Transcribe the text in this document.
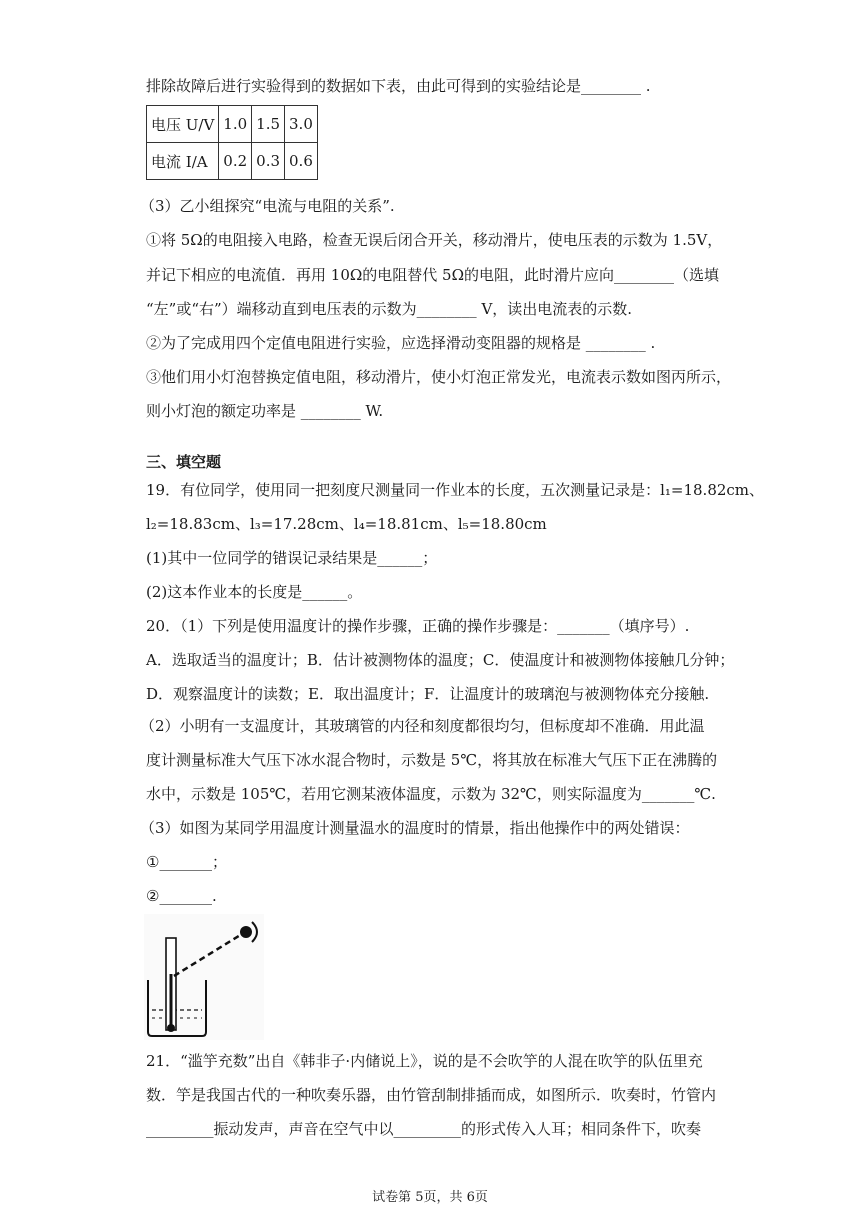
排除故障后进行实验得到的数据如下表，由此可得到的实验结论是________ .
电压 U/V	1.0	1.5	3.0
电流 I/A	0.2	0.3	0.6
（3）乙小组探究“电流与电阻的关系”.
①将 5Ω的电阻接入电路，检查无误后闭合开关，移动滑片，使电压表的示数为 1.5V，
并记下相应的电流值．再用 10Ω的电阻替代 5Ω的电阻，此时滑片应向________（选填
“左”或“右”）端移动直到电压表的示数为________ V，读出电流表的示数.
②为了完成用四个定值电阻进行实验，应选择滑动变阻器的规格是 ________ .
③他们用小灯泡替换定值电阻，移动滑片，使小灯泡正常发光，电流表示数如图丙所示，
则小灯泡的额定功率是 ________ W.
三、填空题
19．有位同学，使用同一把刻度尺测量同一作业本的长度，五次测量记录是：l₁=18.82cm、
l₂=18.83cm、l₃=17.28cm、l₄=18.81cm、l₅=18.80cm
(1)其中一位同学的错误记录结果是______；
(2)这本作业本的长度是______。
20．（1）下列是使用温度计的操作步骤，正确的操作步骤是：_______（填序号）.
A．选取适当的温度计；B．估计被测物体的温度；C．使温度计和被测物体接触几分钟；
D．观察温度计的读数；E．取出温度计；F．让温度计的玻璃泡与被测物体充分接触.
（2）小明有一支温度计，其玻璃管的内径和刻度都很均匀，但标度却不准确．用此温
度计测量标准大气压下冰水混合物时，示数是 5℃，将其放在标准大气压下正在沸腾的
水中，示数是 105℃，若用它测某液体温度，示数为 32℃，则实际温度为_______℃.
（3）如图为某同学用温度计测量温水的温度时的情景，指出他操作中的两处错误：
①_______；
②_______.
21．“滥竽充数”出自《韩非子·内储说上》，说的是不会吹竽的人混在吹竽的队伍里充
数．竽是我国古代的一种吹奏乐器，由竹管刮制排插而成，如图所示．吹奏时，竹管内
_________振动发声，声音在空气中以_________的形式传入人耳；相同条件下，吹奏
试卷第 5页，共 6页
